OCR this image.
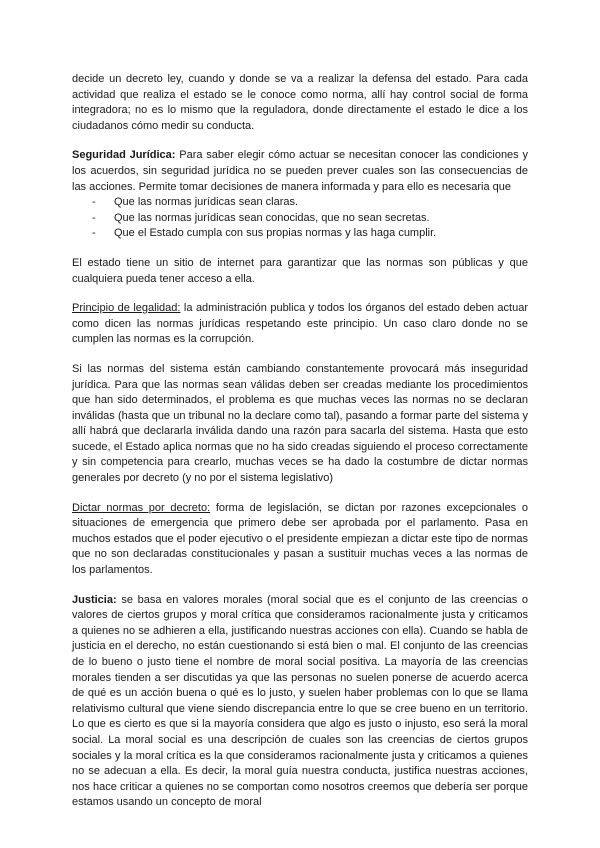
decide un decreto ley, cuando y donde se va a realizar la defensa del estado. Para cada actividad que realiza el estado se le conoce como norma, allí hay control social de forma integradora; no es lo mismo que la reguladora, donde directamente el estado le dice a los ciudadanos cómo medir su conducta.

Seguridad Jurídica: Para saber elegir cómo actuar se necesitan conocer las condiciones y los acuerdos, sin seguridad jurídica no se pueden prever cuales son las consecuencias de las acciones. Permite tomar decisiones de manera informada y para ello es necesaria que

- Que las normas jurídicas sean claras.
- Que las normas jurídicas sean conocidas, que no sean secretas.
- Que el Estado cumpla con sus propias normas y las haga cumplir.

El estado tiene un sitio de internet para garantizar que las normas son públicas y que cualquiera pueda tener acceso a ella.

Principio de legalidad: la administración publica y todos los órganos del estado deben actuar como dicen las normas jurídicas respetando este principio. Un caso claro donde no se cumplen las normas es la corrupción.

Si las normas del sistema están cambiando constantemente provocará más inseguridad jurídica. Para que las normas sean válidas deben ser creadas mediante los procedimientos que han sido determinados, el problema es que muchas veces las normas no se declaran inválidas (hasta que un tribunal no la declare como tal), pasando a formar parte del sistema y allí habrá que declararla inválida dando una razón para sacarla del sistema. Hasta que esto sucede, el Estado aplica normas que no ha sido creadas siguiendo el proceso correctamente y sin competencia para crearlo, muchas veces se ha dado la costumbre de dictar normas generales por decreto (y no por el sistema legislativo)

Dictar normas por decreto: forma de legislación, se dictan por razones excepcionales o situaciones de emergencia que primero debe ser aprobada por el parlamento. Pasa en muchos estados que el poder ejecutivo o el presidente empiezan a dictar este tipo de normas que no son declaradas constitucionales y pasan a sustituir muchas veces a las normas de los parlamentos.

Justicia: se basa en valores morales (moral social que es el conjunto de las creencias o valores de ciertos grupos y moral crítica que consideramos racionalmente justa y criticamos a quienes no se adhieren a ella, justificando nuestras acciones con ella). Cuando se habla de justicia en el derecho, no están cuestionando si está bien o mal. El conjunto de las creencias de lo bueno o justo tiene el nombre de moral social positiva. La mayoría de las creencias morales tienden a ser discutidas ya que las personas no suelen ponerse de acuerdo acerca de qué es un acción buena o qué es lo justo, y suelen haber problemas con lo que se llama relativismo cultural que viene siendo discrepancia entre lo que se cree bueno en un territorio. Lo que es cierto es que si la mayoría considera que algo es justo o injusto, eso será la moral social. La moral social es una descripción de cuales son las creencias de ciertos grupos sociales y la moral crítica es la que consideramos racionalmente justa y criticamos a quienes no se adecuan a ella. Es decir, la moral guía nuestra conducta, justifica nuestras acciones, nos hace criticar a quienes no se comportan como nosotros creemos que debería ser porque estamos usando un concepto de moral
